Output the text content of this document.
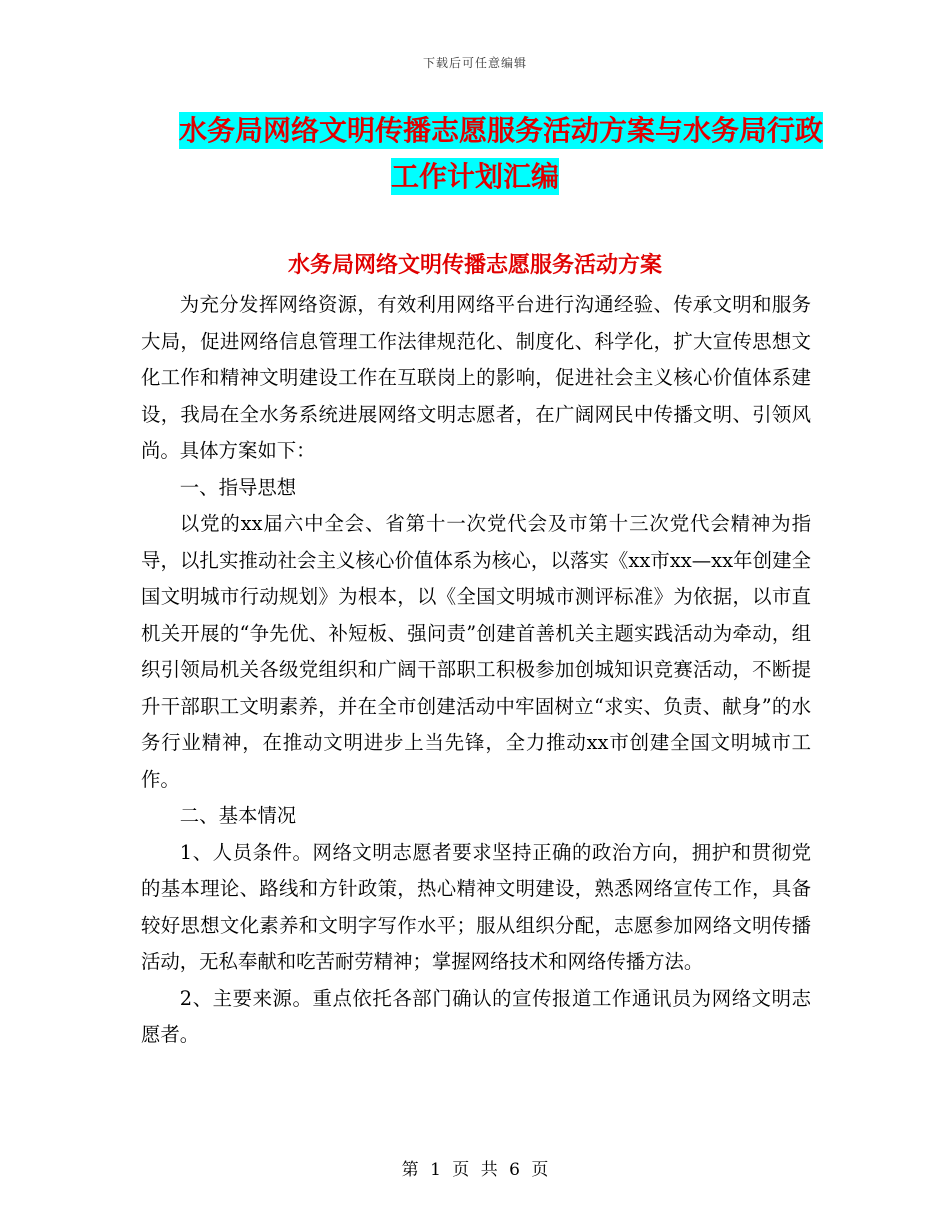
下载后可任意编辑
水务局网络文明传播志愿服务活动方案与水务局行政
工作计划汇编
水务局网络文明传播志愿服务活动方案

为充分发挥网络资源，有效利用网络平台进行沟通经验、传承文明和服务大局，促进网络信息管理工作法律规范化、制度化、科学化，扩大宣传思想文化工作和精神文明建设工作在互联岗上的影响，促进社会主义核心价值体系建设，我局在全水务系统进展网络文明志愿者，在广阔网民中传播文明、引领风尚。具体方案如下：

一、指导思想

以党的xx届六中全会、省第十一次党代会及市第十三次党代会精神为指导，以扎实推动社会主义核心价值体系为核心，以落实《xx市xx—xx年创建全国文明城市行动规划》为根本，以《全国文明城市测评标准》为依据，以市直机关开展的“争先优、补短板、强问责”创建首善机关主题实践活动为牵动，组织引领局机关各级党组织和广阔干部职工积极参加创城知识竞赛活动，不断提升干部职工文明素养，并在全市创建活动中牢固树立“求实、负责、献身”的水务行业精神，在推动文明进步上当先锋，全力推动xx市创建全国文明城市工作。

二、基本情况

1、人员条件。网络文明志愿者要求坚持正确的政治方向，拥护和贯彻党的基本理论、路线和方针政策，热心精神文明建设，熟悉网络宣传工作，具备较好思想文化素养和文明字写作水平；服从组织分配，志愿参加网络文明传播活动，无私奉献和吃苦耐劳精神；掌握网络技术和网络传播方法。

2、主要来源。重点依托各部门确认的宣传报道工作通讯员为网络文明志愿者。

第 1 页 共 6 页
